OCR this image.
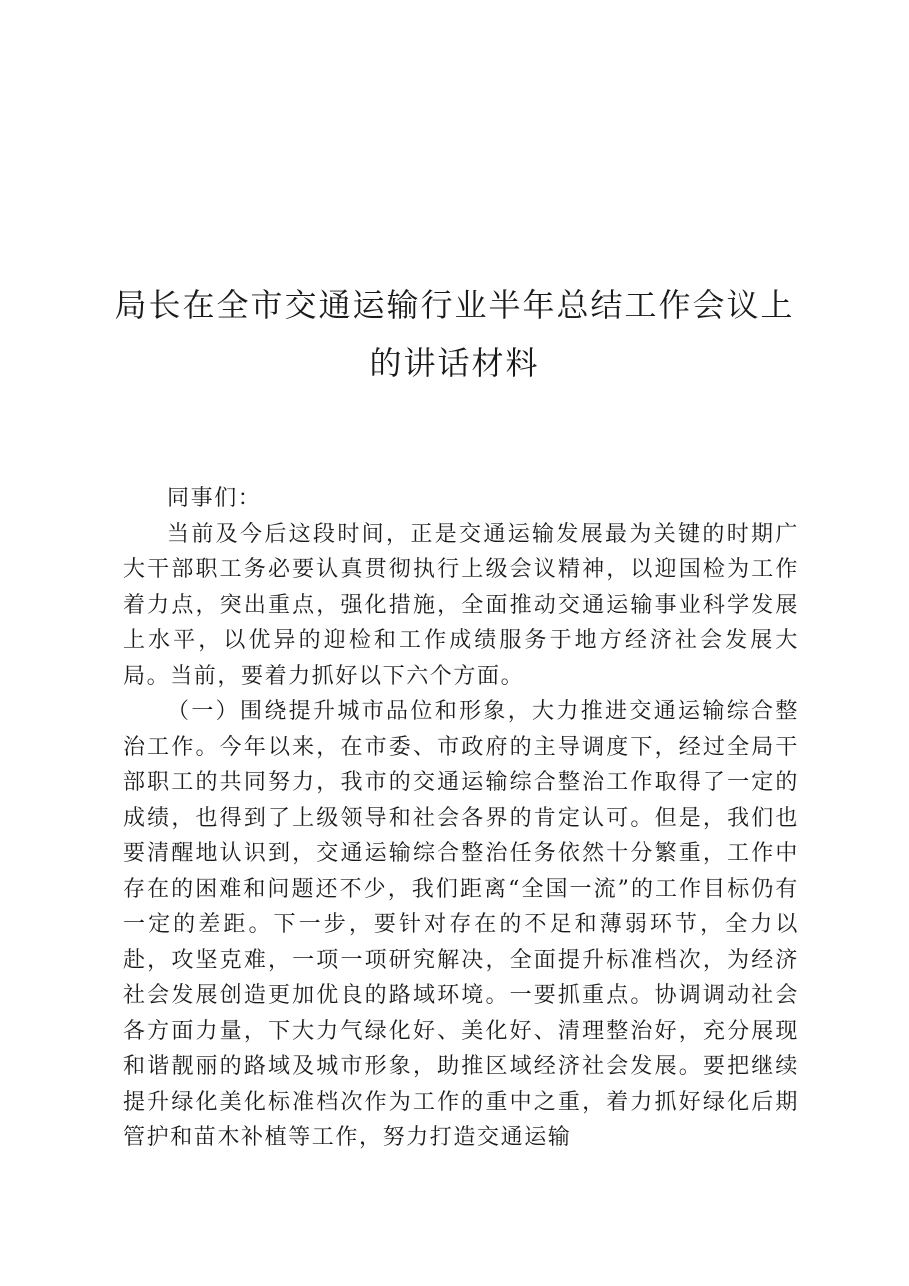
局长在全市交通运输行业半年总结工作会议上
的讲话材料

同事们：

当前及今后这段时间，正是交通运输发展最为关键的时期广大干部职工务必要认真贯彻执行上级会议精神，以迎国检为工作着力点，突出重点，强化措施，全面推动交通运输事业科学发展上水平，以优异的迎检和工作成绩服务于地方经济社会发展大局。当前，要着力抓好以下六个方面。

（一）围绕提升城市品位和形象，大力推进交通运输综合整治工作。今年以来，在市委、市政府的主导调度下，经过全局干部职工的共同努力，我市的交通运输综合整治工作取得了一定的成绩，也得到了上级领导和社会各界的肯定认可。但是，我们也要清醒地认识到，交通运输综合整治任务依然十分繁重，工作中存在的困难和问题还不少，我们距离“全国一流”的工作目标仍有一定的差距。下一步，要针对存在的不足和薄弱环节，全力以赴，攻坚克难，一项一项研究解决，全面提升标准档次，为经济社会发展创造更加优良的路域环境。一要抓重点。协调调动社会各方面力量，下大力气绿化好、美化好、清理整治好，充分展现和谐靓丽的路域及城市形象，助推区域经济社会发展。要把继续提升绿化美化标准档次作为工作的重中之重，着力抓好绿化后期管护和苗木补植等工作，努力打造交通运输
